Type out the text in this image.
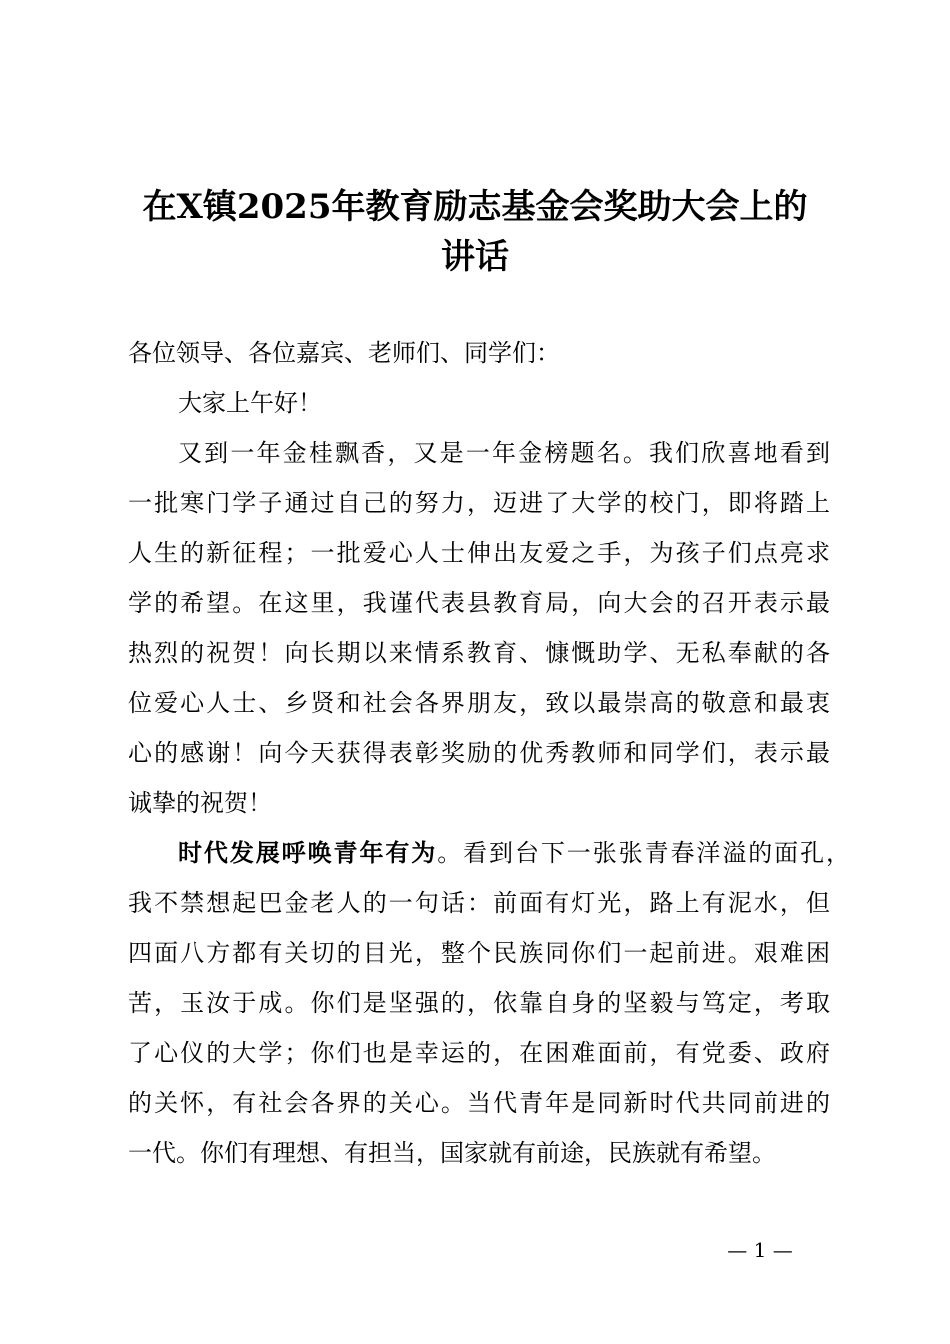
在X镇2025年教育励志基金会奖助大会上的
讲话
各位领导、各位嘉宾、老师们、同学们：
大家上午好！
又到一年金桂飘香，又是一年金榜题名。我们欣喜地看到
一批寒门学子通过自己的努力，迈进了大学的校门，即将踏上
人生的新征程；一批爱心人士伸出友爱之手，为孩子们点亮求
学的希望。在这里，我谨代表县教育局，向大会的召开表示最
热烈的祝贺！向长期以来情系教育、慷慨助学、无私奉献的各
位爱心人士、乡贤和社会各界朋友，致以最崇高的敬意和最衷
心的感谢！向今天获得表彰奖励的优秀教师和同学们，表示最
诚挚的祝贺！
时代发展呼唤青年有为。看到台下一张张青春洋溢的面孔，
我不禁想起巴金老人的一句话：前面有灯光，路上有泥水，但
四面八方都有关切的目光，整个民族同你们一起前进。艰难困
苦，玉汝于成。你们是坚强的，依靠自身的坚毅与笃定，考取
了心仪的大学；你们也是幸运的，在困难面前，有党委、政府
的关怀，有社会各界的关心。当代青年是同新时代共同前进的
一代。你们有理想、有担当，国家就有前途，民族就有希望。
— 1 —
